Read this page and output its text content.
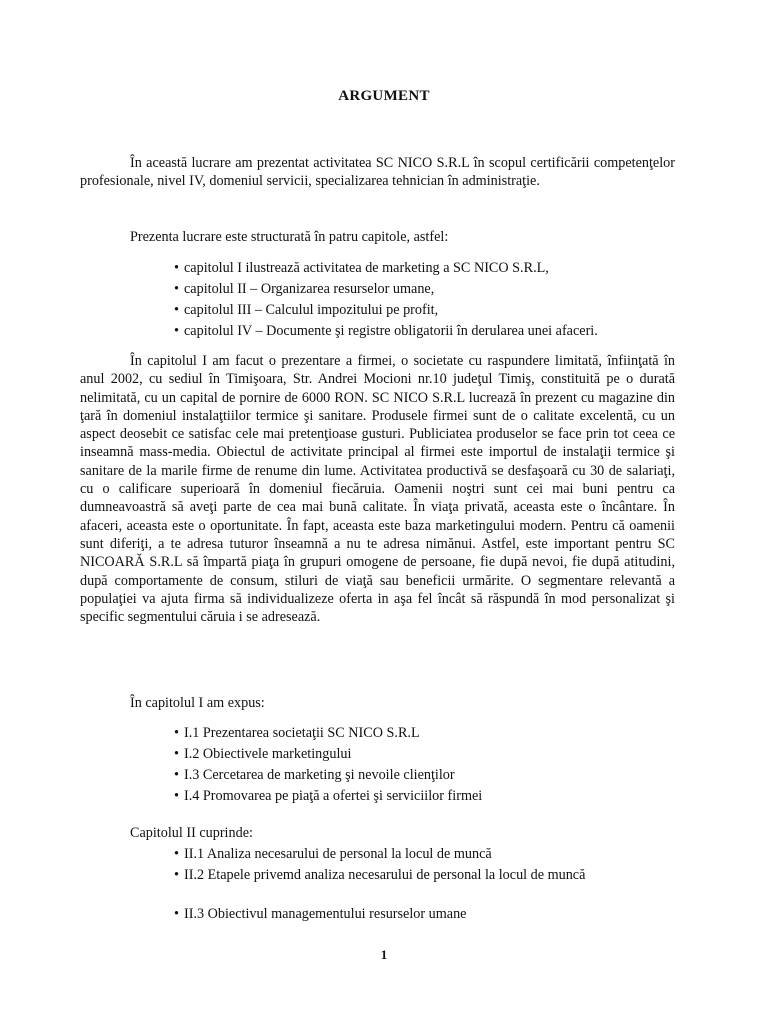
ARGUMENT

În această lucrare am prezentat activitatea SC NICO S.R.L în scopul certificării competenţelor profesionale, nivel IV, domeniul servicii, specializarea tehnician în administraţie.

Prezenta lucrare este structurată în patru capitole, astfel:

• capitolul I ilustrează activitatea de marketing a SC NICO S.R.L,
• capitolul II – Organizarea resurselor umane,
• capitolul III – Calculul impozitului pe profit,
• capitolul IV – Documente şi registre obligatorii în derularea unei afaceri.

În capitolul I am facut o prezentare a firmei, o societate cu raspundere limitată, înfiinţată în anul 2002, cu sediul în Timişoara, Str. Andrei Mocioni nr.10 judeţul Timiş, constituită pe o durată nelimitată, cu un capital de pornire de 6000 RON. SC NICO S.R.L lucrează în prezent cu magazine din ţară în domeniul instalaţtiilor termice şi sanitare. Produsele firmei sunt de o calitate excelentă, cu un aspect deosebit ce satisfac cele mai pretenţioase gusturi. Publiciatea produselor se face prin tot ceea ce inseamnă mass-media. Obiectul de activitate principal al firmei este importul de instalaţii termice şi sanitare de la marile firme de renume din lume. Activitatea productivă se desfaşoară cu 30 de salariaţi, cu o calificare superioară în domeniul fiecăruia. Oamenii noştri sunt cei mai buni pentru ca dumneavoastră să aveţi parte de cea mai bună calitate. În viaţa privată, aceasta este o încântare. În afaceri, aceasta este o oportunitate. În fapt, aceasta este baza marketingului modern. Pentru că oamenii sunt diferiţi, a te adresa tuturor înseamnă a nu te adresa nimănui. Astfel, este important pentru SC NICOARĂ S.R.L să împartă piaţa în grupuri omogene de persoane, fie după nevoi, fie după atitudini, după comportamente de consum, stiluri de viaţă sau beneficii urmărite. O segmentare relevantă a populaţiei va ajuta firma să individualizeze oferta in aşa fel încât să răspundă în mod personalizat şi specific segmentului căruia i se adresează.

În capitolul I am expus:

• I.1 Prezentarea societaţii SC NICO S.R.L
• I.2 Obiectivele marketingului
• I.3 Cercetarea de marketing şi nevoile clienţilor
• I.4 Promovarea pe piaţă a ofertei şi serviciilor firmei

Capitolul II cuprinde:

• II.1 Analiza necesarului de personal la locul de muncă
• II.2 Etapele privemd analiza necesarului de personal la locul de muncă
• II.3 Obiectivul managementului resurselor umane
1
